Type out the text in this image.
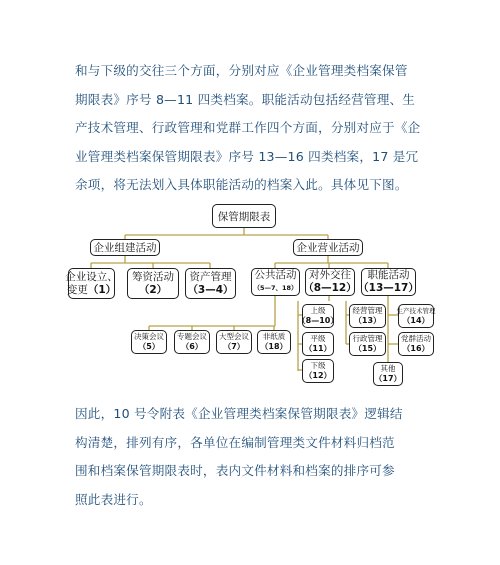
和与下级的交往三个方面，分别对应《企业管理类档案保管
期限表》序号 8—11 四类档案。职能活动包括经营管理、生
产技术管理、行政管理和党群工作四个方面，分别对应于《企
业管理类档案保管期限表》序号 13—16 四类档案，17 是冗
余项，将无法划入具体职能活动的档案入此。具体见下图。
保管期限表
企业组建活动	企业营业活动
企业设立、
变更（1）
筹资活动
（2）
资产管理
（3—4）
公共活动
（5—7、18）
对外交往
（8—12）
职能活动
（13—17）
决策会议
（5）
专题会议
（6）
大型会议
（7）
非纸质
（18）
上级
（8—10）
平级
（11）
下级
（12）
经营管理
（13）
生产技术管理
（14）
行政管理
（15）
党群活动
（16）
其他
（17）
因此，10 号令附表《企业管理类档案保管期限表》逻辑结
构清楚，排列有序，各单位在编制管理类文件材料归档范
围和档案保管期限表时，表内文件材料和档案的排序可参
照此表进行。
